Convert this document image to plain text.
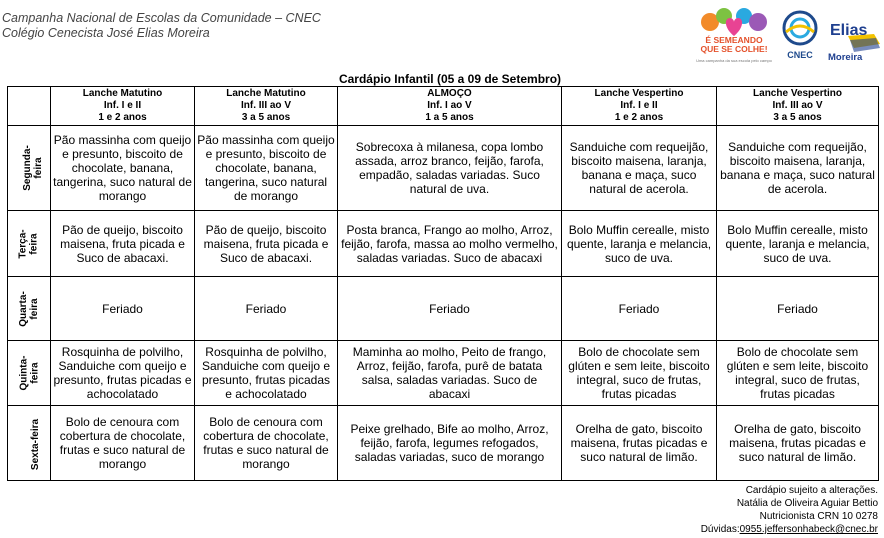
Campanha Nacional de Escolas da Comunidade – CNEC
Colégio Cenecista José Elias Moreira	É SEMEANDO
QUE SE COLHE!
Uma campanha da sua escola pelo campo
CNEC
Elias
Moreira
Cardápio Infantil (05 a 09 de Setembro)

	Lanche Matutino
Inf. I e II
1 e 2 anos	Lanche Matutino
Inf. III ao V
3 a 5 anos	ALMOÇO
Inf. I ao V
1 a 5 anos	Lanche Vespertino
Inf. I e II
1 e 2 anos	Lanche Vespertino
Inf. III ao V
3 a 5 anos

Segunda-
feira	Pão massinha com queijo e presunto, biscoito de chocolate, banana, tangerina, suco natural de morango	Pão massinha com queijo e presunto, biscoito de chocolate, banana, tangerina, suco natural de morango	Sobrecoxa à milanesa, copa lombo assada, arroz branco, feijão, farofa, empadão, saladas variadas. Suco natural de uva.	Sanduiche com requeijão, biscoito maisena, laranja, banana e maça, suco natural de acerola.	Sanduiche com requeijão, biscoito maisena, laranja, banana e maça, suco natural de acerola.
Terça-
feira	Pão de queijo, biscoito maisena, fruta picada e Suco de abacaxi.	Pão de queijo, biscoito maisena, fruta picada e Suco de abacaxi.	Posta branca, Frango ao molho, Arroz, feijão, farofa, massa ao molho vermelho, saladas variadas. Suco de abacaxi	Bolo Muffin cerealle, misto quente, laranja e melancia, suco de uva.	Bolo Muffin cerealle, misto quente, laranja e melancia, suco de uva.
Quarta-
feira	Feriado	Feriado	Feriado	Feriado	Feriado
Quinta-
feira	Rosquinha de polvilho, Sanduiche com queijo e presunto, frutas picadas e achocolatado	Rosquinha de polvilho, Sanduiche com queijo e presunto, frutas picadas e achocolatado	Maminha ao molho, Peito de frango, Arroz, feijão, farofa, purê de batata salsa, saladas variadas. Suco de abacaxi	Bolo de chocolate sem glúten e sem leite, biscoito integral, suco de frutas, frutas picadas	Bolo de chocolate sem glúten e sem leite, biscoito integral, suco de frutas, frutas picadas
Sexta-feira	Bolo de cenoura com cobertura de chocolate, frutas e suco natural de morango	Bolo de cenoura com cobertura de chocolate, frutas e suco natural de morango	Peixe grelhado, Bife ao molho, Arroz, feijão, farofa, legumes refogados, saladas variadas, suco de morango	Orelha de gato, biscoito maisena, frutas picadas e suco natural de limão.	Orelha de gato, biscoito maisena, frutas picadas e suco natural de limão.
Cardápio sujeito a alterações.
Natália de Oliveira Aguiar Bettio
Nutricionista CRN 10 0278
Dúvidas:0955.jeffersonhabeck@cnec.br
